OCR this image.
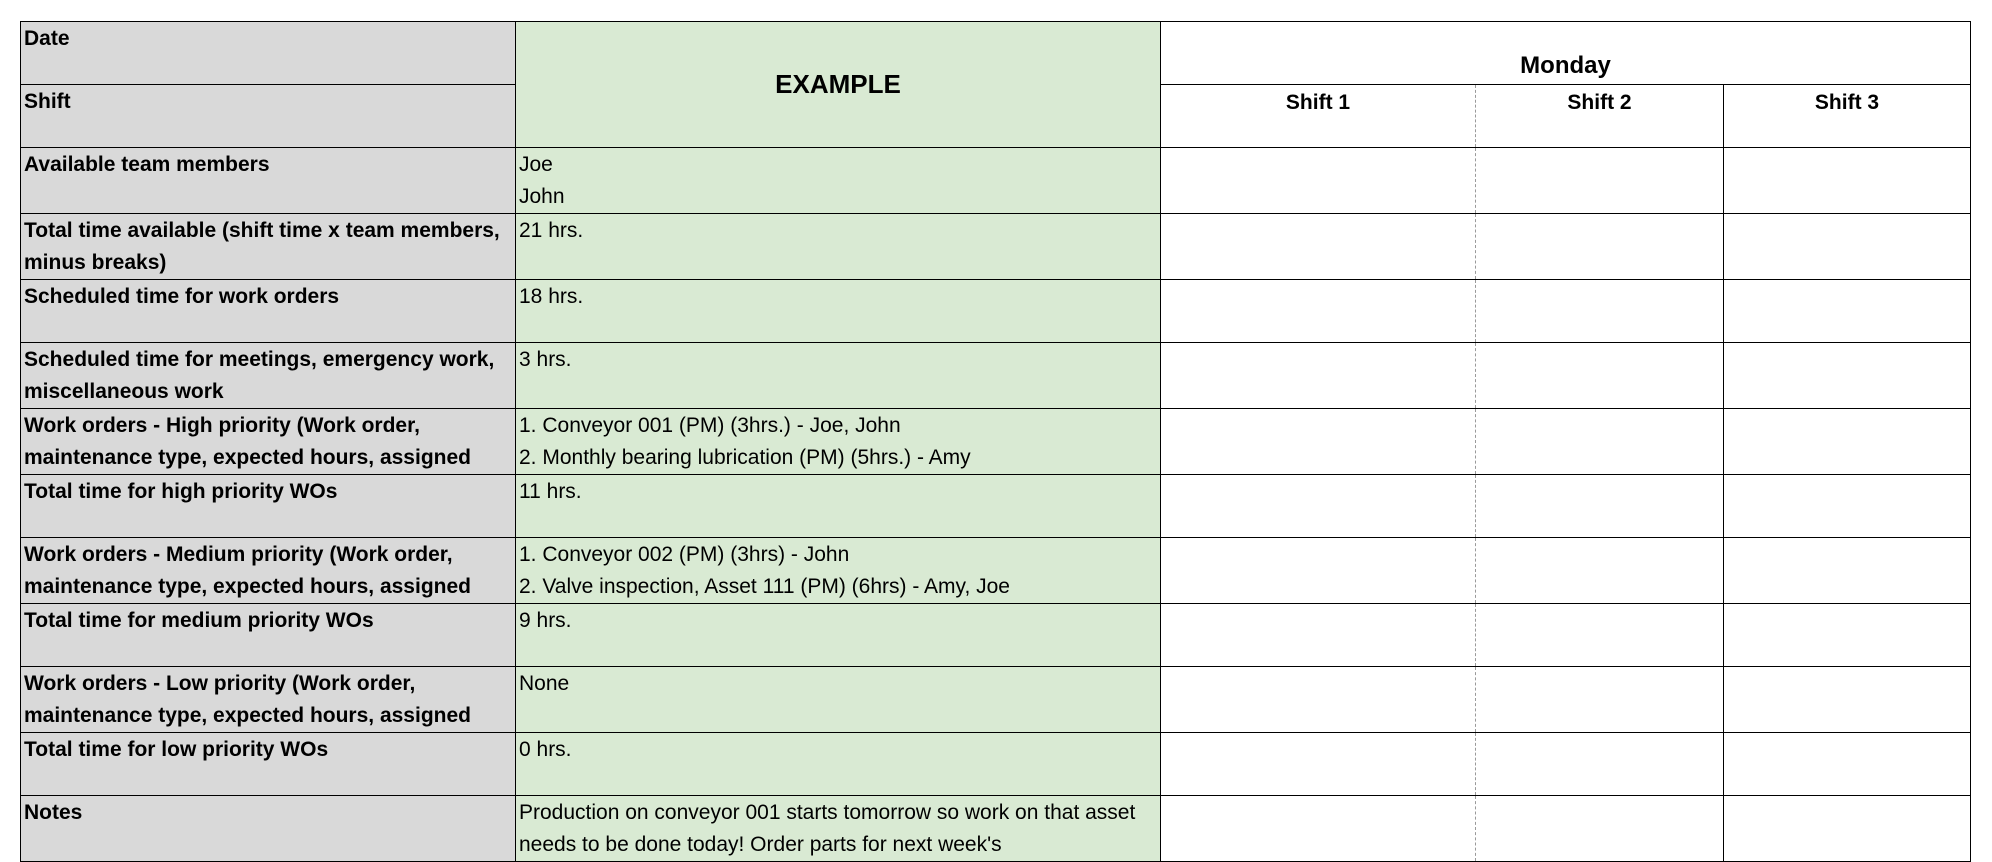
Date	EXAMPLE	Monday		
Shift		Shift 1	Shift 2	Shift 3

Available team members	Joe
John			

Total time available (shift time x team members, minus breaks)	21 hrs.			

Scheduled time for work orders	18 hrs.			

Scheduled time for meetings, emergency work, miscellaneous work	3 hrs.			

Work orders - High priority (Work order, maintenance type, expected hours, assigned	1. Conveyor 001 (PM) (3hrs.) - Joe, John
2. Monthly bearing lubrication (PM) (5hrs.) - Amy			

Total time for high priority WOs	11 hrs.			

Work orders - Medium priority (Work order, maintenance type, expected hours, assigned	1. Conveyor 002 (PM) (3hrs) - John
2. Valve inspection, Asset 111 (PM) (6hrs) - Amy, Joe			

Total time for medium priority WOs	9 hrs.			

Work orders - Low priority (Work order, maintenance type, expected hours, assigned	None			

Total time for low priority WOs	0 hrs.			

Notes	Production on conveyor 001 starts tomorrow so work on that asset needs to be done today! Order parts for next week's			
